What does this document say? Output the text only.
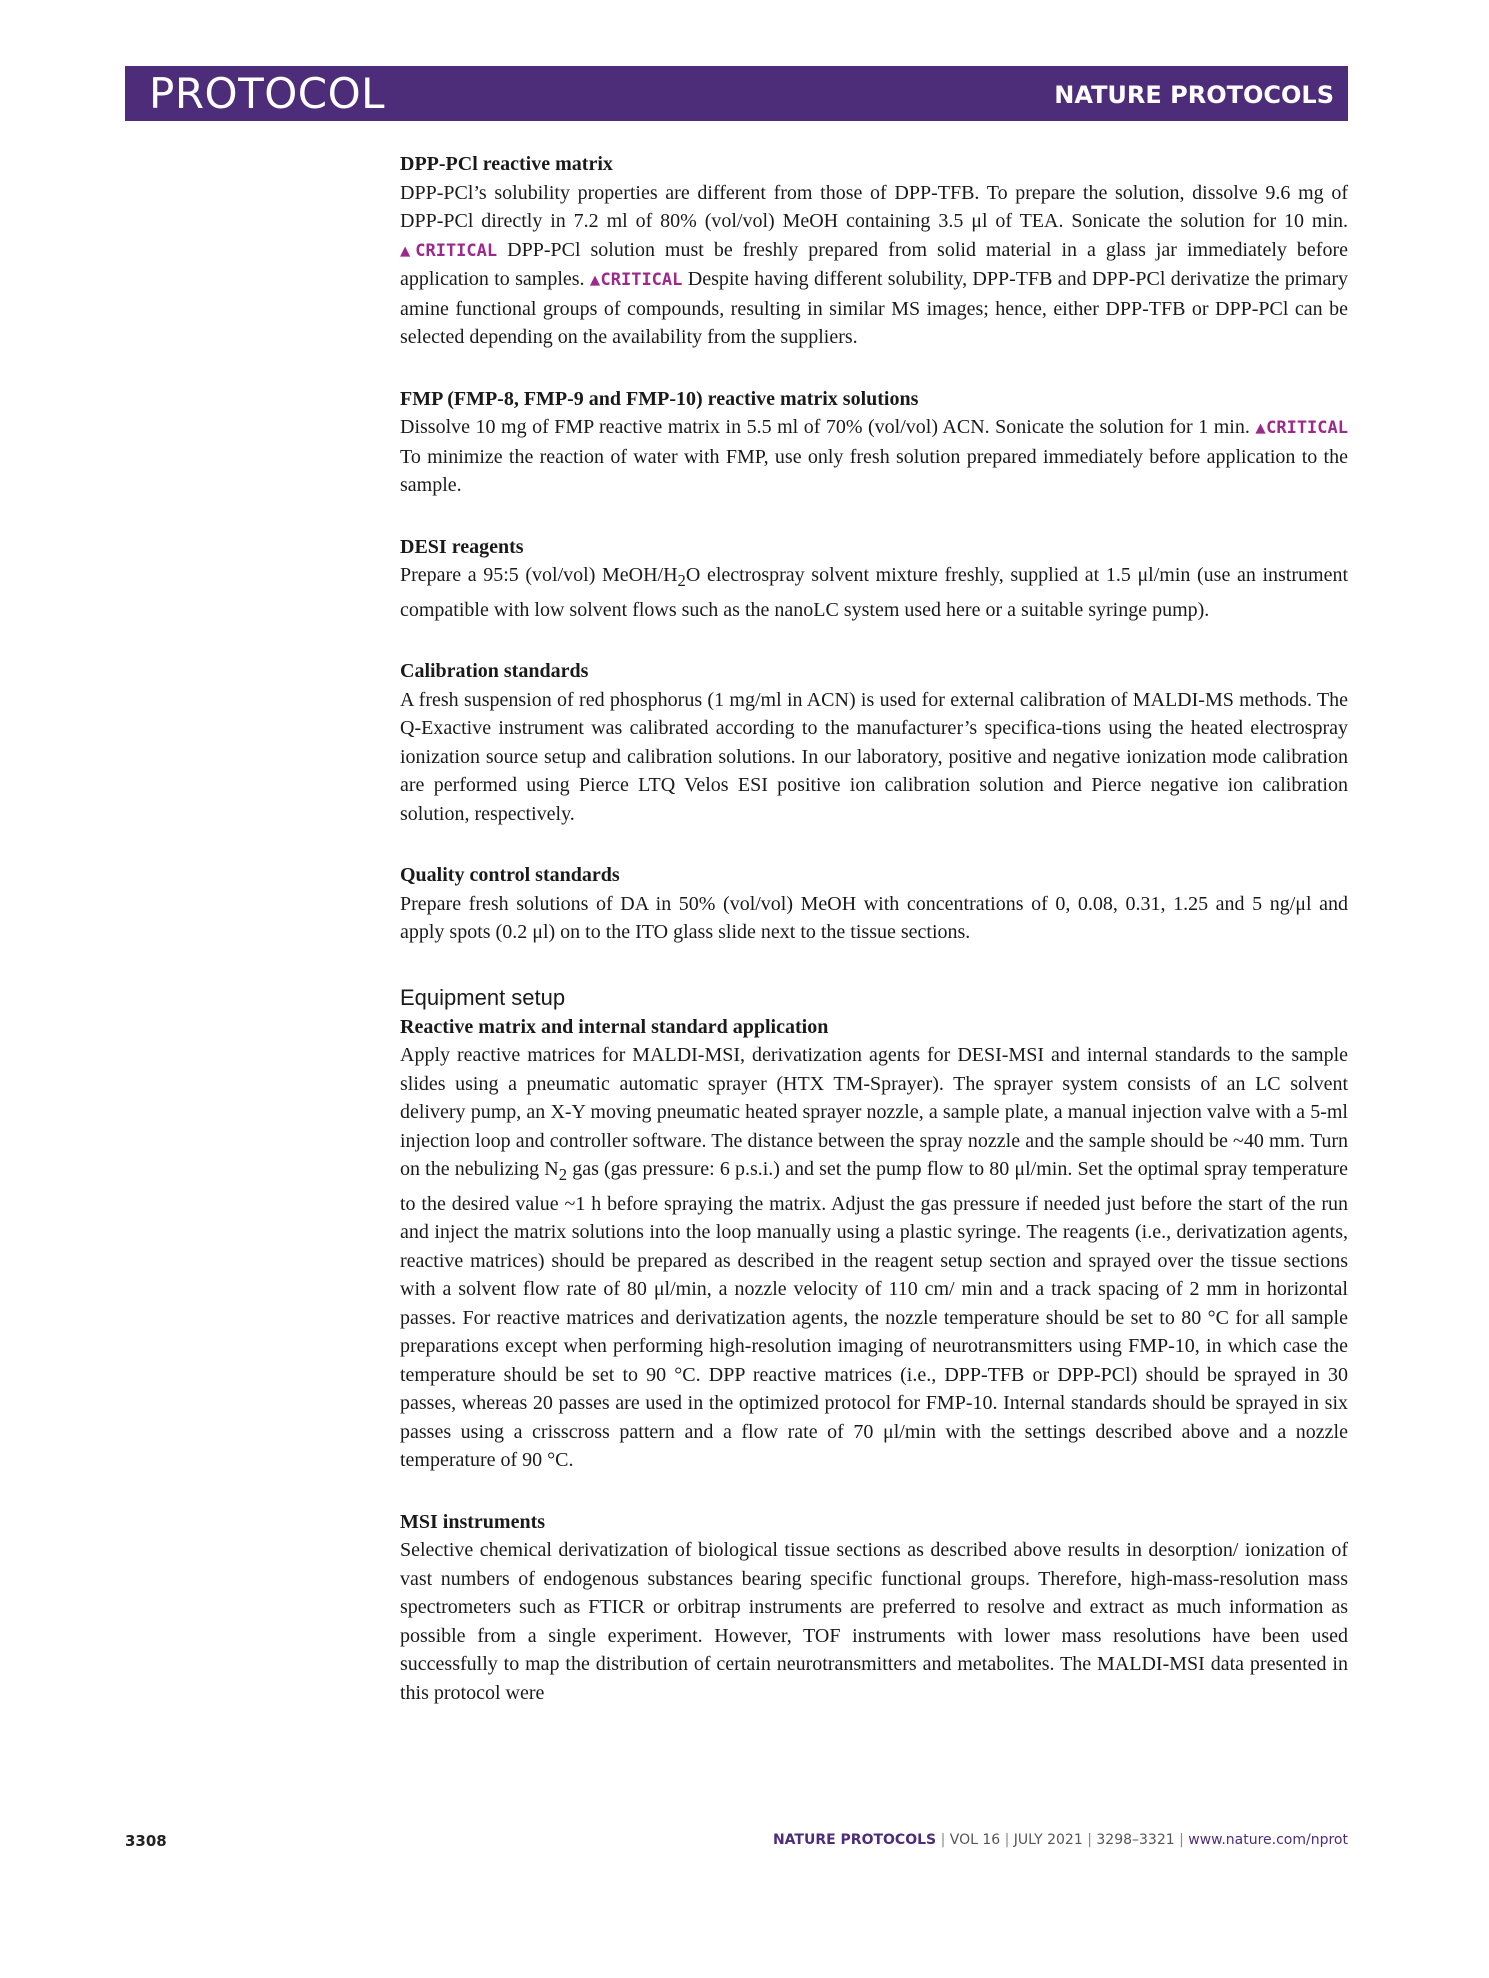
PROTOCOL	NATURE PROTOCOLS
DPP-PCl reactive matrix
DPP-PCl’s solubility properties are different from those of DPP-TFB. To prepare the solution, dissolve 9.6 mg of DPP-PCl directly in 7.2 ml of 80% (vol/vol) MeOH containing 3.5 μl of TEA. Sonicate the solution for 10 min. ▲CRITICAL DPP-PCl solution must be freshly prepared from solid material in a glass jar immediately before application to samples. ▲CRITICAL Despite having different solubility, DPP-TFB and DPP-PCl derivatize the primary amine functional groups of compounds, resulting in similar MS images; hence, either DPP-TFB or DPP-PCl can be selected depending on the availability from the suppliers.
FMP (FMP-8, FMP-9 and FMP-10) reactive matrix solutions
Dissolve 10 mg of FMP reactive matrix in 5.5 ml of 70% (vol/vol) ACN. Sonicate the solution for 1 min. ▲CRITICAL To minimize the reaction of water with FMP, use only fresh solution prepared immediately before application to the sample.
DESI reagents
Prepare a 95:5 (vol/vol) MeOH/$H_2O$ electrospray solvent mixture freshly, supplied at 1.5 μl/min (use an instrument compatible with low solvent flows such as the nanoLC system used here or a suitable syringe pump).
Calibration standards
A fresh suspension of red phosphorus (1 mg/ml in ACN) is used for external calibration of MALDI-MS methods. The Q-Exactive instrument was calibrated according to the manufacturer’s specifica-tions using the heated electrospray ionization source setup and calibration solutions. In our laboratory, positive and negative ionization mode calibration are performed using Pierce LTQ Velos ESI positive ion calibration solution and Pierce negative ion calibration solution, respectively.
Quality control standards
Prepare fresh solutions of DA in 50% (vol/vol) MeOH with concentrations of 0, 0.08, 0.31, 1.25 and 5 ng/μl and apply spots (0.2 μl) on to the ITO glass slide next to the tissue sections.
Equipment setup
Reactive matrix and internal standard application
Apply reactive matrices for MALDI-MSI, derivatization agents for DESI-MSI and internal standards to the sample slides using a pneumatic automatic sprayer (HTX TM-Sprayer). The sprayer system consists of an LC solvent delivery pump, an X-Y moving pneumatic heated sprayer nozzle, a sample plate, a manual injection valve with a 5-ml injection loop and controller software. The distance between the spray nozzle and the sample should be ~40 mm. Turn on the nebulizing $N_2$ gas (gas pressure: 6 p.s.i.) and set the pump flow to 80 μl/min. Set the optimal spray temperature to the desired value ~1 h before spraying the matrix. Adjust the gas pressure if needed just before the start of the run and inject the matrix solutions into the loop manually using a plastic syringe. The reagents (i.e., derivatization agents, reactive matrices) should be prepared as described in the reagent setup section and sprayed over the tissue sections with a solvent flow rate of 80 μl/min, a nozzle velocity of 110 cm/ min and a track spacing of 2 mm in horizontal passes. For reactive matrices and derivatization agents, the nozzle temperature should be set to 80 °C for all sample preparations except when performing high-resolution imaging of neurotransmitters using FMP-10, in which case the temperature should be set to 90 °C. DPP reactive matrices (i.e., DPP-TFB or DPP-PCl) should be sprayed in 30 passes, whereas 20 passes are used in the optimized protocol for FMP-10. Internal standards should be sprayed in six passes using a crisscross pattern and a flow rate of 70 μl/min with the settings described above and a nozzle temperature of 90 °C.
MSI instruments
Selective chemical derivatization of biological tissue sections as described above results in desorption/ ionization of vast numbers of endogenous substances bearing specific functional groups. Therefore, high-mass-resolution mass spectrometers such as FTICR or orbitrap instruments are preferred to resolve and extract as much information as possible from a single experiment. However, TOF instruments with lower mass resolutions have been used successfully to map the distribution of certain neurotransmitters and metabolites. The MALDI-MSI data presented in this protocol were
3308	NATURE PROTOCOLS | VOL 16 | JULY 2021 | 3298–3321 | www.nature.com/nprot
